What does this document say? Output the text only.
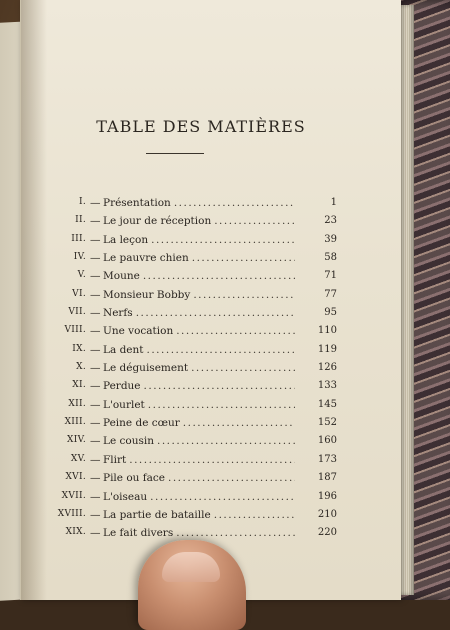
TABLE DES MATIÈRES
I. — Présentation .....	1
II. — Le jour de réception .....	23
III. — La leçon .....	39
IV. — Le pauvre chien .....	58
V. — Moune .....	71
VI. — Monsieur Bobby .....	77
VII. — Nerfs .....	95
VIII. — Une vocation .....	110
IX. — La dent .....	119
X. — Le déguisement .....	126
XI. — Perdue .....	133
XII. — L'ourlet .....	145
XIII. — Peine de cœur .....	152
XIV. — Le cousin .....	160
XV. — Flirt .....	173
XVI. — Pile ou face .....	187
XVII. — L'oiseau .....	196
XVIII. — La partie de bataille .....	210
XIX. — Le fait divers .....	220
